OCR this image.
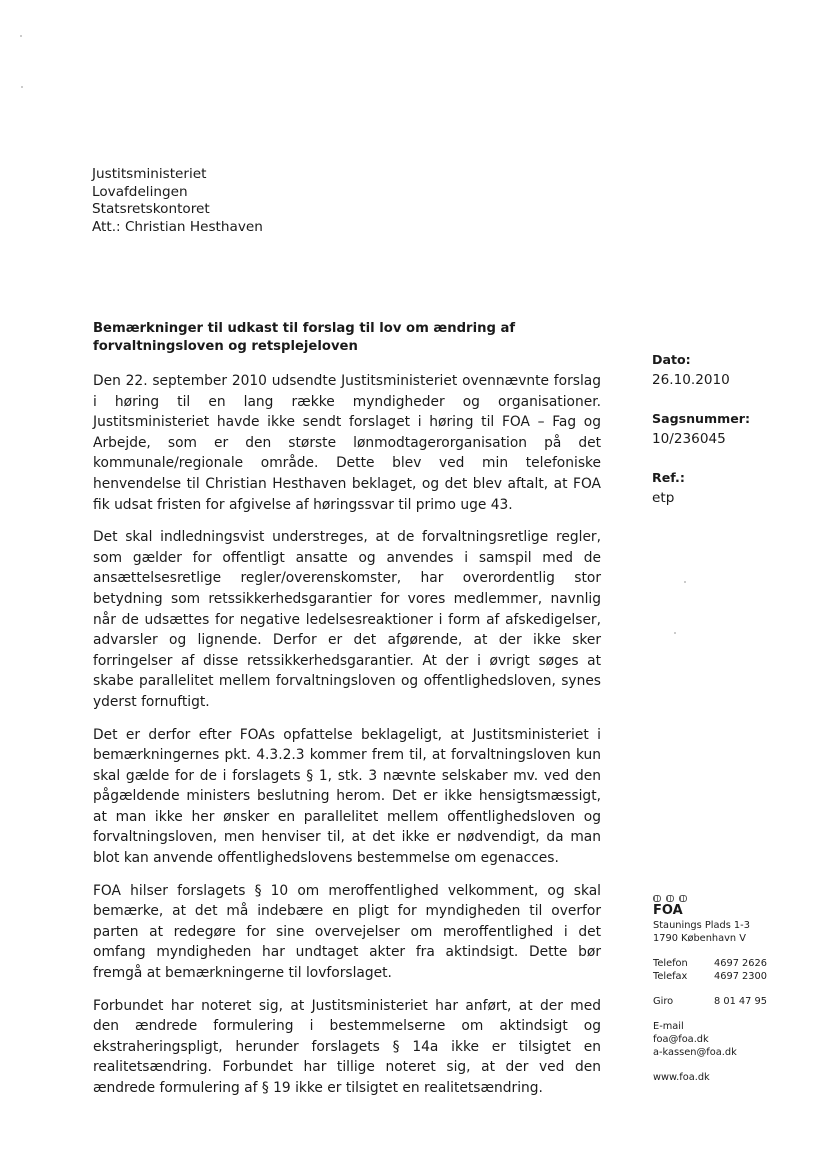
Justitsministeriet
Lovafdelingen
Statsretskontoret
Att.: Christian Hesthaven
Bemærkninger til udkast til forslag til lov om ændring af forvaltningsloven og retsplejeloven

Den 22. september 2010 udsendte Justitsministeriet ovennævnte forslag i høring til en lang række myndigheder og organisationer. Justitsministeriet havde ikke sendt forslaget i høring til FOA – Fag og Arbejde, som er den største lønmodtagerorganisation på det kommunale/regionale område. Dette blev ved min telefoniske henvendelse til Christian Hesthaven beklaget, og det blev aftalt, at FOA fik udsat fristen for afgivelse af høringssvar til primo uge 43.

Det skal indledningsvist understreges, at de forvaltningsretlige regler, som gælder for offentligt ansatte og anvendes i samspil med de ansættelsesretlige regler/overenskomster, har overordentlig stor betydning som retssikkerhedsgarantier for vores medlemmer, navnlig når de udsættes for negative ledelsesreaktioner i form af afskedigelser, advarsler og lignende. Derfor er det afgørende, at der ikke sker forringelser af disse retssikkerhedsgarantier. At der i øvrigt søges at skabe parallelitet mellem forvaltningsloven og offentlighedsloven, synes yderst fornuftigt.

Det er derfor efter FOAs opfattelse beklageligt, at Justitsministeriet i bemærkningernes pkt. 4.3.2.3 kommer frem til, at forvaltningsloven kun skal gælde for de i forslagets § 1, stk. 3 nævnte selskaber mv. ved den pågældende ministers beslutning herom. Det er ikke hensigtsmæssigt, at man ikke her ønsker en parallelitet mellem offentlighedsloven og forvaltningsloven, men henviser til, at det ikke er nødvendigt, da man blot kan anvende offentlighedslovens bestemmelse om egenacces.

FOA hilser forslagets § 10 om meroffentlighed velkomment, og skal bemærke, at det må indebære en pligt for myndigheden til overfor parten at redegøre for sine overvejelser om meroffentlighed i det omfang myndigheden har undtaget akter fra aktindsigt. Dette bør fremgå at bemærkningerne til lovforslaget.

Forbundet har noteret sig, at Justitsministeriet har anført, at der med den ændrede formulering i bestemmelserne om aktindsigt og ekstraheringspligt, herunder forslagets § 14a ikke er tilsigtet en realitetsændring. Forbundet har tillige noteret sig, at der ved den ændrede formulering af § 19 ikke er tilsigtet en realitetsændring.

Dato:
26.10.2010
Sagsnummer:
10/236045
Ref.:
etp
FOA
Staunings Plads 1-3
1790 København V
Telefon	4697 2626
Telefax	4697 2300
Giro	8 01 47 95
E-mail
foa@foa.dk
a-kassen@foa.dk
www.foa.dk
